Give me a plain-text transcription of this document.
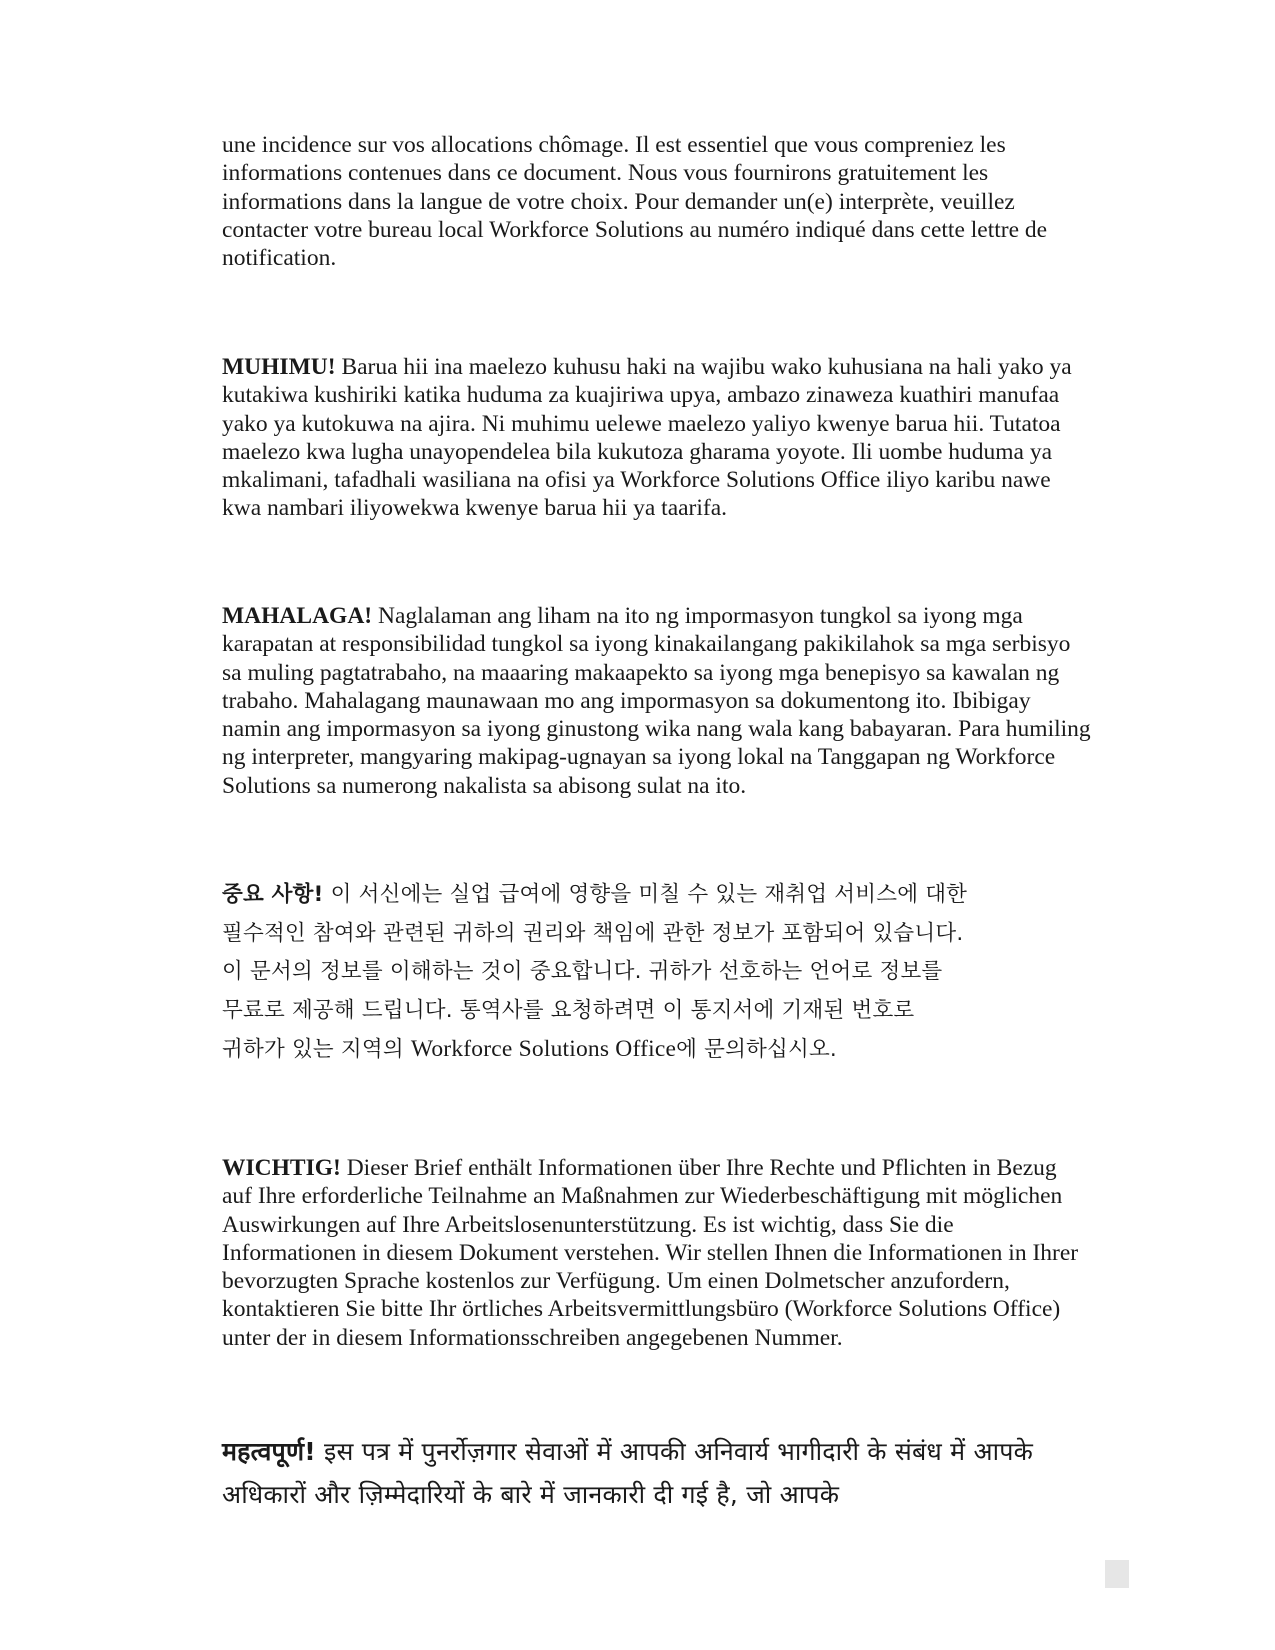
une incidence sur vos allocations chômage. Il est essentiel que vous compreniez les informations contenues dans ce document. Nous vous fournirons gratuitement les informations dans la langue de votre choix. Pour demander un(e) interprète, veuillez contacter votre bureau local Workforce Solutions au numéro indiqué dans cette lettre de notification.

MUHIMU! Barua hii ina maelezo kuhusu haki na wajibu wako kuhusiana na hali yako ya kutakiwa kushiriki katika huduma za kuajiriwa upya, ambazo zinaweza kuathiri manufaa yako ya kutokuwa na ajira. Ni muhimu uelewe maelezo yaliyo kwenye barua hii. Tutatoa maelezo kwa lugha unayopendelea bila kukutoza gharama yoyote. Ili uombe huduma ya mkalimani, tafadhali wasiliana na ofisi ya Workforce Solutions Office iliyo karibu nawe kwa nambari iliyowekwa kwenye barua hii ya taarifa.

MAHALAGA! Naglalaman ang liham na ito ng impormasyon tungkol sa iyong mga karapatan at responsibilidad tungkol sa iyong kinakailangang pakikilahok sa mga serbisyo sa muling pagtatrabaho, na maaaring makaapekto sa iyong mga benepisyo sa kawalan ng trabaho. Mahalagang maunawaan mo ang impormasyon sa dokumentong ito. Ibibigay namin ang impormasyon sa iyong ginustong wika nang wala kang babayaran. Para humiling ng interpreter, mangyaring makipag-ugnayan sa iyong lokal na Tanggapan ng Workforce Solutions sa numerong nakalista sa abisong sulat na ito.

중요 사항! 이 서신에는 실업 급여에 영향을 미칠 수 있는 재취업 서비스에 대한
필수적인 참여와 관련된 귀하의 권리와 책임에 관한 정보가 포함되어 있습니다.
이 문서의 정보를 이해하는 것이 중요합니다. 귀하가 선호하는 언어로 정보를
무료로 제공해 드립니다. 통역사를 요청하려면 이 통지서에 기재된 번호로
귀하가 있는 지역의 Workforce Solutions Office에 문의하십시오.

WICHTIG! Dieser Brief enthält Informationen über Ihre Rechte und Pflichten in Bezug auf Ihre erforderliche Teilnahme an Maßnahmen zur Wiederbeschäftigung mit möglichen Auswirkungen auf Ihre Arbeitslosenunterstützung. Es ist wichtig, dass Sie die Informationen in diesem Dokument verstehen. Wir stellen Ihnen die Informationen in Ihrer bevorzugten Sprache kostenlos zur Verfügung. Um einen Dolmetscher anzufordern, kontaktieren Sie bitte Ihr örtliches Arbeitsvermittlungsbüro (Workforce Solutions Office) unter der in diesem Informationsschreiben angegebenen Nummer.

महत्वपूर्ण! इस पत्र में पुनर्रोज़गार सेवाओं में आपकी अनिवार्य भागीदारी के संबंध में आपके अधिकारों और ज़िम्मेदारियों के बारे में जानकारी दी गई है, जो आपके
